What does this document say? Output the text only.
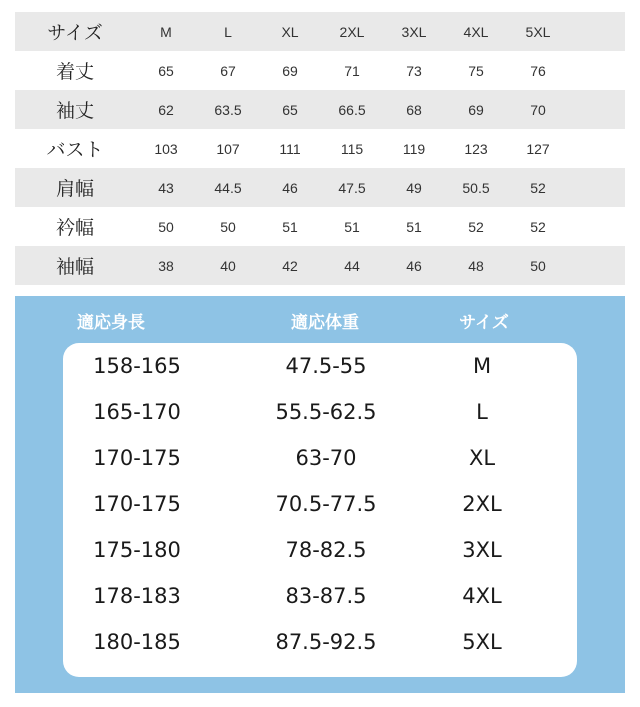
サイズ	M	L	XL	2XL	3XL	4XL	5XL
着丈	65	67	69	71	73	75	76
袖丈	62	63.5	65	66.5	68	69	70
バスト	103	107	111	115	119	123	127
肩幅	43	44.5	46	47.5	49	50.5	52
衿幅	50	50	51	51	51	52	52
袖幅	38	40	42	44	46	48	50
適応身長	適応体重	サイズ
158-165	47.5-55	M
165-170	55.5-62.5	L
170-175	63-70	XL
170-175	70.5-77.5	2XL
175-180	78-82.5	3XL
178-183	83-87.5	4XL
180-185	87.5-92.5	5XL
